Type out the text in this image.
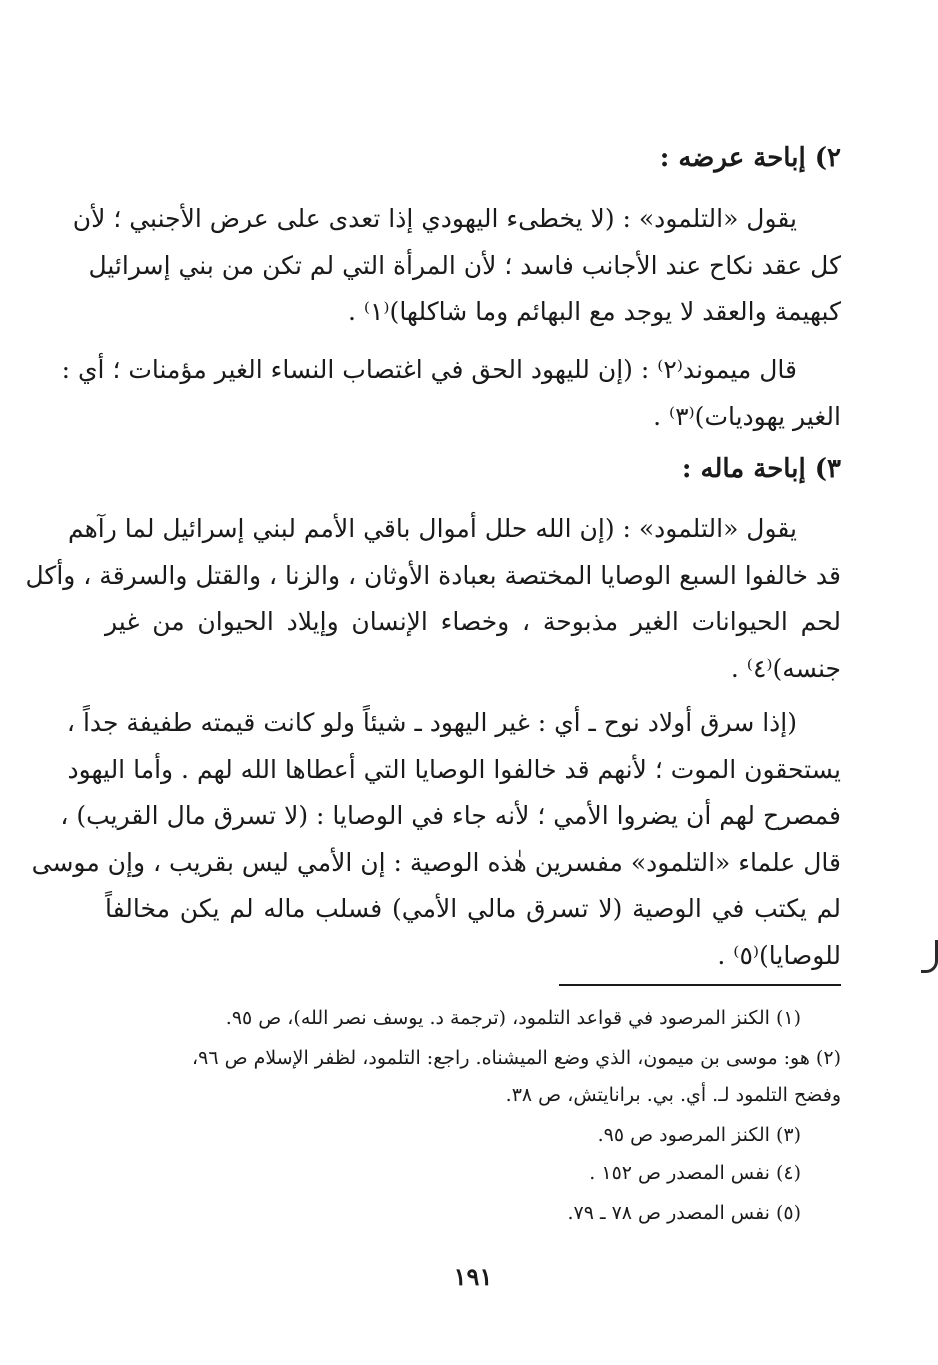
٢) إباحة عرضه :
يقول «التلمود» : (لا يخطىء اليهودي إذا تعدى على عرض الأجنبي ؛ لأن
كل عقد نكاح عند الأجانب فاسد ؛ لأن المرأة التي لم تكن من بني إسرائيل
كبهيمة والعقد لا يوجد مع البهائم وما شاكلها)⁽١⁾ .
قال ميموند⁽٢⁾ : (إن لليهود الحق في اغتصاب النساء الغير مؤمنات ؛ أي :
الغير يهوديات)⁽٣⁾ .
٣) إباحة ماله :
يقول «التلمود» : (إن الله حلل أموال باقي الأمم لبني إسرائيل لما رآهم
قد خالفوا السبع الوصايا المختصة بعبادة الأوثان ، والزنا ، والقتل والسرقة ، وأكل
لحم الحيوانات الغير مذبوحة ، وخصاء الإنسان وإيلاد الحيوان من غير
جنسه)⁽٤⁾ .
(إذا سرق أولاد نوح ـ أي : غير اليهود ـ شيئاً ولو كانت قيمته طفيفة جداً ،
يستحقون الموت ؛ لأنهم قد خالفوا الوصايا التي أعطاها الله لهم . وأما اليهود
فمصرح لهم أن يضروا الأمي ؛ لأنه جاء في الوصايا : (لا تسرق مال القريب) ،
قال علماء «التلمود» مفسرين هٰذه الوصية : إن الأمي ليس بقريب ، وإن موسى
لم يكتب في الوصية (لا تسرق مالي الأمي) فسلب ماله لم يكن مخالفاً
للوصايا)⁽٥⁾ .
(١) الكنز المرصود في قواعد التلمود، (ترجمة د. يوسف نصر الله)، ص ٩٥.
(٢) هو: موسى بن ميمون، الذي وضع الميشناه. راجع: التلمود، لظفر الإسلام ص ٩٦،
وفضح التلمود لـ. أي. بي. برانايتش، ص ٣٨.
(٣) الكنز المرصود ص ٩٥.
(٤) نفس المصدر ص ١٥٢ .
(٥) نفس المصدر ص ٧٨ ـ ٧٩.
١٩١
